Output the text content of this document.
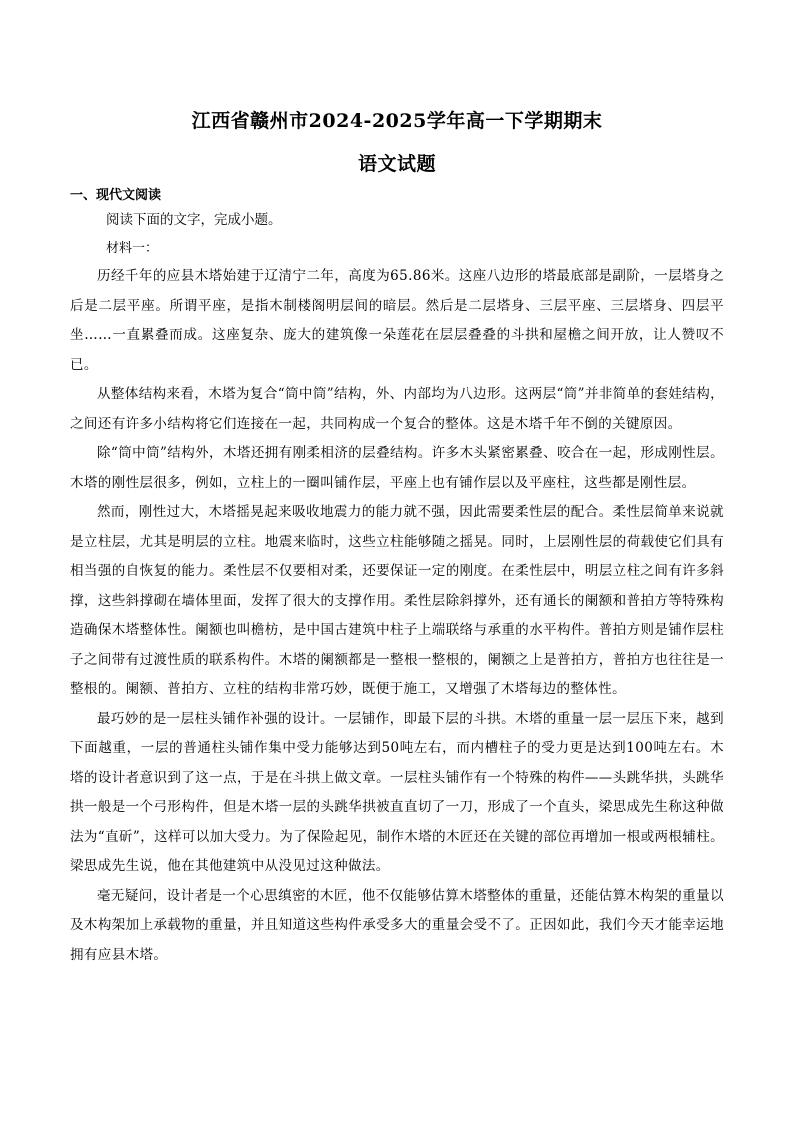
江西省赣州市2024-2025学年高一下学期期末
语文试题
一、现代文阅读
阅读下面的文字，完成小题。
材料一：

历经千年的应县木塔始建于辽清宁二年，高度为65.86米。这座八边形的塔最底部是副阶，一层塔身之后是二层平座。所谓平座，是指木制楼阁明层间的暗层。然后是二层塔身、三层平座、三层塔身、四层平坐……一直累叠而成。这座复杂、庞大的建筑像一朵莲花在层层叠叠的斗拱和屋檐之间开放，让人赞叹不已。

从整体结构来看，木塔为复合“筒中筒”结构，外、内部均为八边形。这两层“筒”并非简单的套娃结构，之间还有许多小结构将它们连接在一起，共同构成一个复合的整体。这是木塔千年不倒的关键原因。

除“筒中筒”结构外，木塔还拥有刚柔相济的层叠结构。许多木头紧密累叠、咬合在一起，形成刚性层。木塔的刚性层很多，例如，立柱上的一圈叫铺作层，平座上也有铺作层以及平座柱，这些都是刚性层。

然而，刚性过大，木塔摇晃起来吸收地震力的能力就不强，因此需要柔性层的配合。柔性层简单来说就是立柱层，尤其是明层的立柱。地震来临时，这些立柱能够随之摇晃。同时，上层刚性层的荷载使它们具有相当强的自恢复的能力。柔性层不仅要相对柔，还要保证一定的刚度。在柔性层中，明层立柱之间有许多斜撑，这些斜撑砌在墙体里面，发挥了很大的支撑作用。柔性层除斜撑外，还有通长的阑额和普拍方等特殊构造确保木塔整体性。阑额也叫檐枋，是中国古建筑中柱子上端联络与承重的水平构件。普拍方则是铺作层柱子之间带有过渡性质的联系构件。木塔的阑额都是一整根一整根的，阑额之上是普拍方，普拍方也往往是一整根的。阑额、普拍方、立柱的结构非常巧妙，既便于施工，又增强了木塔每边的整体性。

最巧妙的是一层柱头铺作补强的设计。一层铺作，即最下层的斗拱。木塔的重量一层一层压下来，越到下面越重，一层的普通柱头铺作集中受力能够达到50吨左右，而内槽柱子的受力更是达到100吨左右。木塔的设计者意识到了这一点，于是在斗拱上做文章。一层柱头铺作有一个特殊的构件——头跳华拱，头跳华拱一般是一个弓形构件，但是木塔一层的头跳华拱被直直切了一刀，形成了一个直头，梁思成先生称这种做法为“直斫”，这样可以加大受力。为了保险起见，制作木塔的木匠还在关键的部位再增加一根或两根辅柱。梁思成先生说，他在其他建筑中从没见过这种做法。

毫无疑问，设计者是一个心思缜密的木匠，他不仅能够估算木塔整体的重量，还能估算木构架的重量以及木构架加上承载物的重量，并且知道这些构件承受多大的重量会受不了。正因如此，我们今天才能幸运地拥有应县木塔。
